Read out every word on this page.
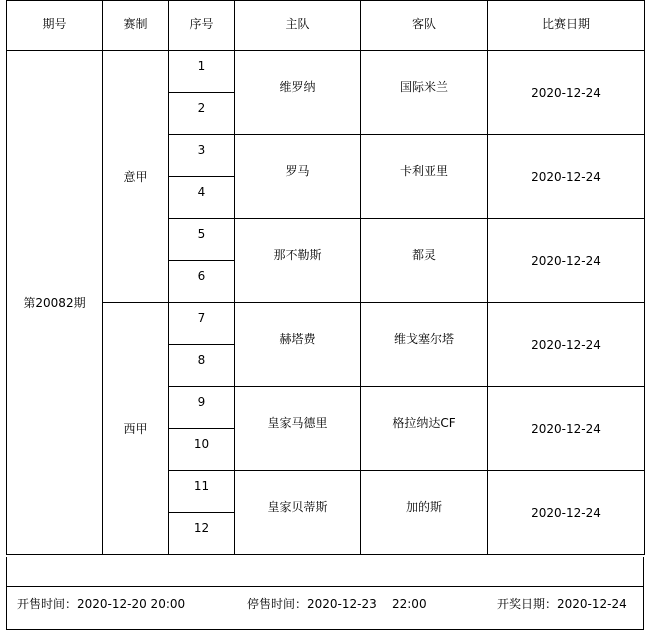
期号	赛制	序号	主队	客队	比赛日期
第20082期	意甲	1	维罗纳	国际米兰	2020-12-24
		2			
		3	罗马	卡利亚里	2020-12-24
		4			
		5	那不勒斯	都灵	2020-12-24
		6			
	西甲	7	赫塔费	维戈塞尔塔	2020-12-24
		8			
		9	皇家马德里	格拉纳达CF	2020-12-24
		10			
		11	皇家贝蒂斯	加的斯	2020-12-24
		12			
开售时间：2020-12-20 20:00	停售时间：2020-12-23    22:00	开奖日期：2020-12-24
